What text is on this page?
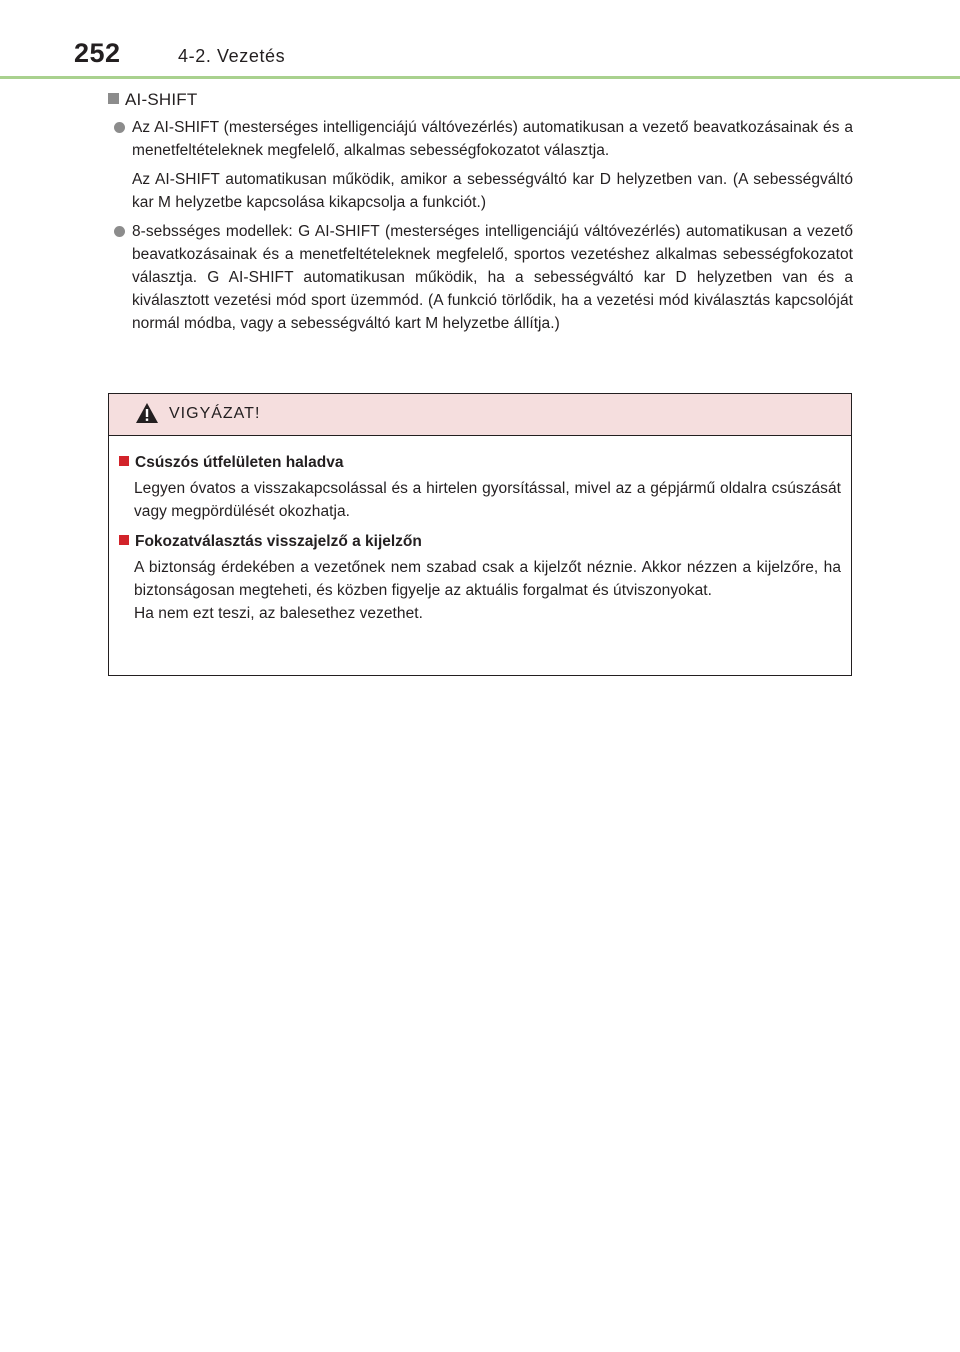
252	4-2. Vezetés
AI-SHIFT

Az AI-SHIFT (mesterséges intelligenciájú váltóvezérlés) automatikusan a vezető beavatkozásainak és a menetfeltételeknek megfelelő, alkalmas sebességfokozatot választja.

Az AI-SHIFT automatikusan működik, amikor a sebességváltó kar D helyzetben van. (A sebességváltó kar M helyzetbe kapcsolása kikapcsolja a funkciót.)

8-sebsséges modellek: G AI-SHIFT (mesterséges intelligenciájú váltóvezérlés) automatikusan a vezető beavatkozásainak és a menetfeltételeknek megfelelő, sportos vezetéshez alkalmas sebességfokozatot választja. G AI-SHIFT automatikusan működik, ha a sebességváltó kar D helyzetben van és a kiválasztott vezetési mód sport üzemmód. (A funkció törlődik, ha a vezetési mód kiválasztás kapcsolóját normál módba, vagy a sebességváltó kart M helyzetbe állítja.)

VIGYÁZAT!
Csúszós útfelületen haladva

Legyen óvatos a visszakapcsolással és a hirtelen gyorsítással, mivel az a gépjármű oldalra csúszását vagy megpördülését okozhatja.

Fokozatválasztás visszajelző a kijelzőn

A biztonság érdekében a vezetőnek nem szabad csak a kijelzőt néznie. Akkor nézzen a kijelzőre, ha biztonságosan megteheti, és közben figyelje az aktuális forgalmat és útviszonyokat.

Ha nem ezt teszi, az balesethez vezethet.
